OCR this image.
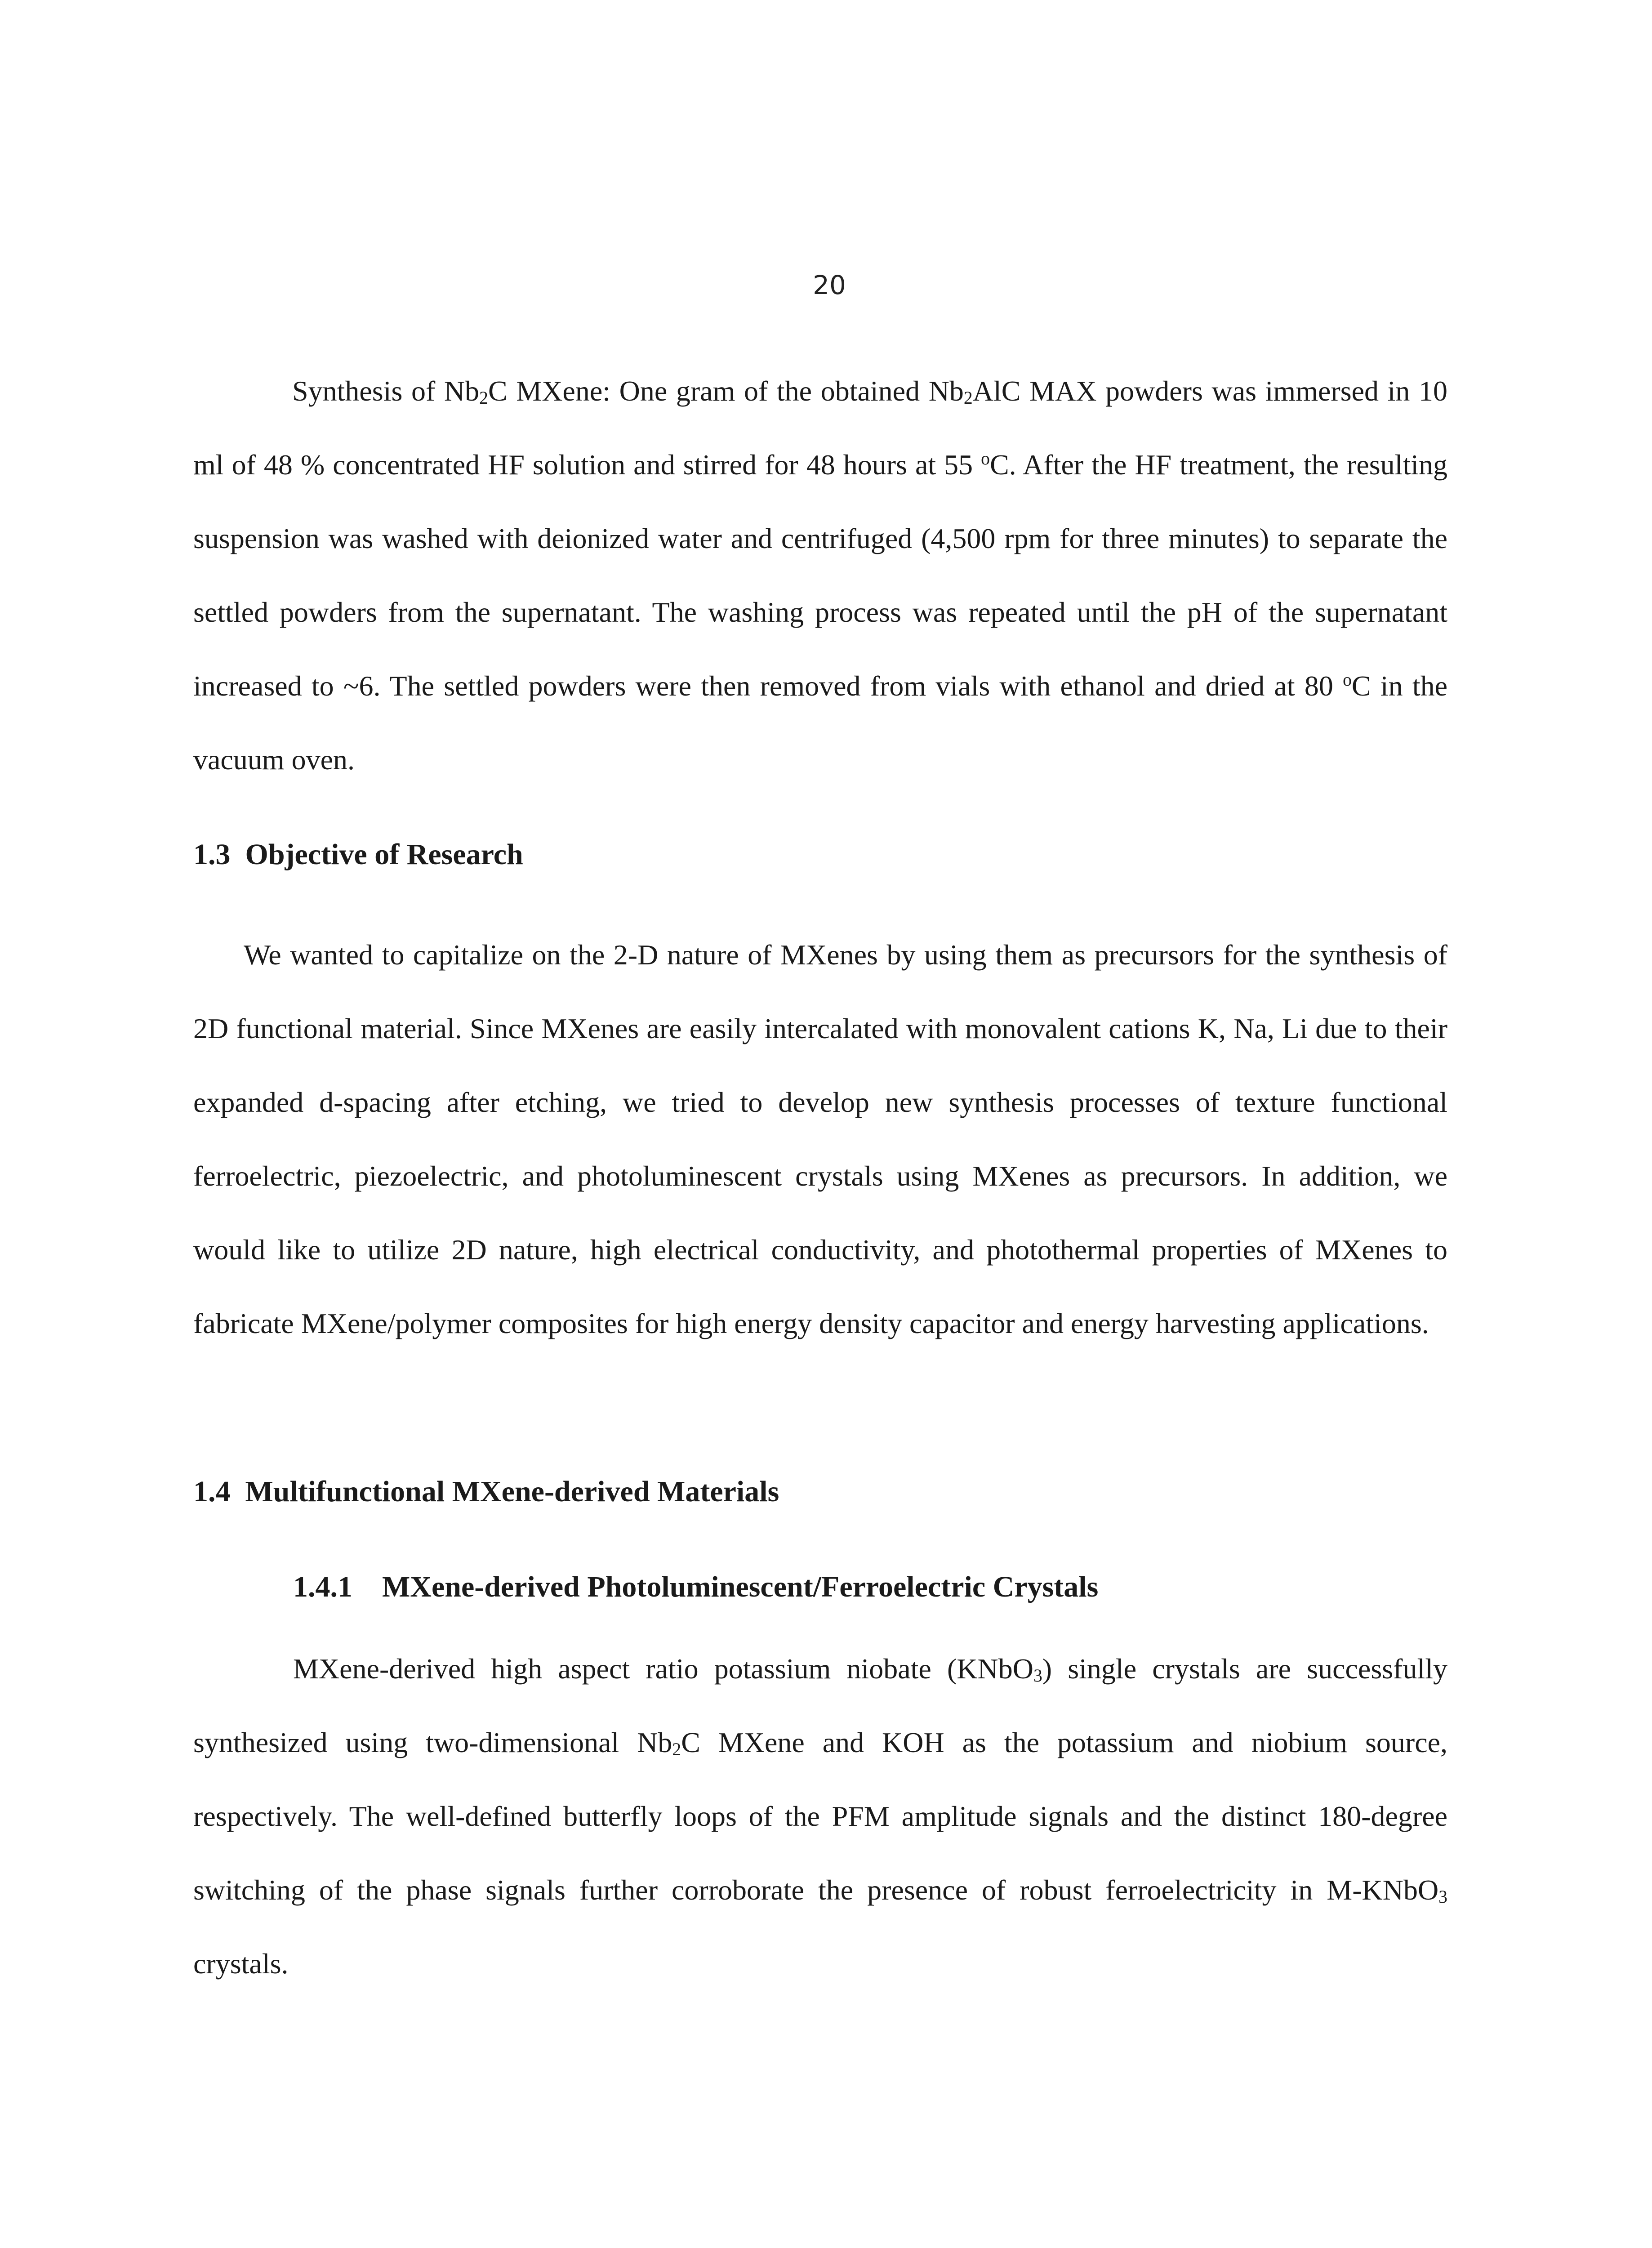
20

Synthesis of $Nb_2C$ MXene: One gram of the obtained $Nb_2AlC$ MAX powders was immersed in 10 ml of 48 % concentrated HF solution and stirred for 48 hours at 55 $^o$C. After the HF treatment, the resulting suspension was washed with deionized water and centrifuged (4,500 rpm for three minutes) to separate the settled powders from the supernatant. The washing process was repeated until the pH of the supernatant increased to ~6. The settled powders were then removed from vials with ethanol and dried at 80 $^o$C in the vacuum oven.

1.3 Objective of Research

We wanted to capitalize on the 2-D nature of MXenes by using them as precursors for the synthesis of 2D functional material. Since MXenes are easily intercalated with monovalent cations K, Na, Li due to their expanded d-spacing after etching, we tried to develop new synthesis processes of texture functional ferroelectric, piezoelectric, and photoluminescent crystals using MXenes as precursors. In addition, we would like to utilize 2D nature, high electrical conductivity, and photothermal properties of MXenes to fabricate MXene/polymer composites for high energy density capacitor and energy harvesting applications.

1.4 Multifunctional MXene-derived Materials
1.4.1 MXene-derived Photoluminescent/Ferroelectric Crystals

MXene-derived high aspect ratio potassium niobate (KNbO$_3$) single crystals are successfully synthesized using two-dimensional $Nb_2C$ MXene and KOH as the potassium and niobium source, respectively. The well-defined butterfly loops of the PFM amplitude signals and the distinct 180-degree switching of the phase signals further corroborate the presence of robust ferroelectricity in M-KNbO$_3$ crystals.
